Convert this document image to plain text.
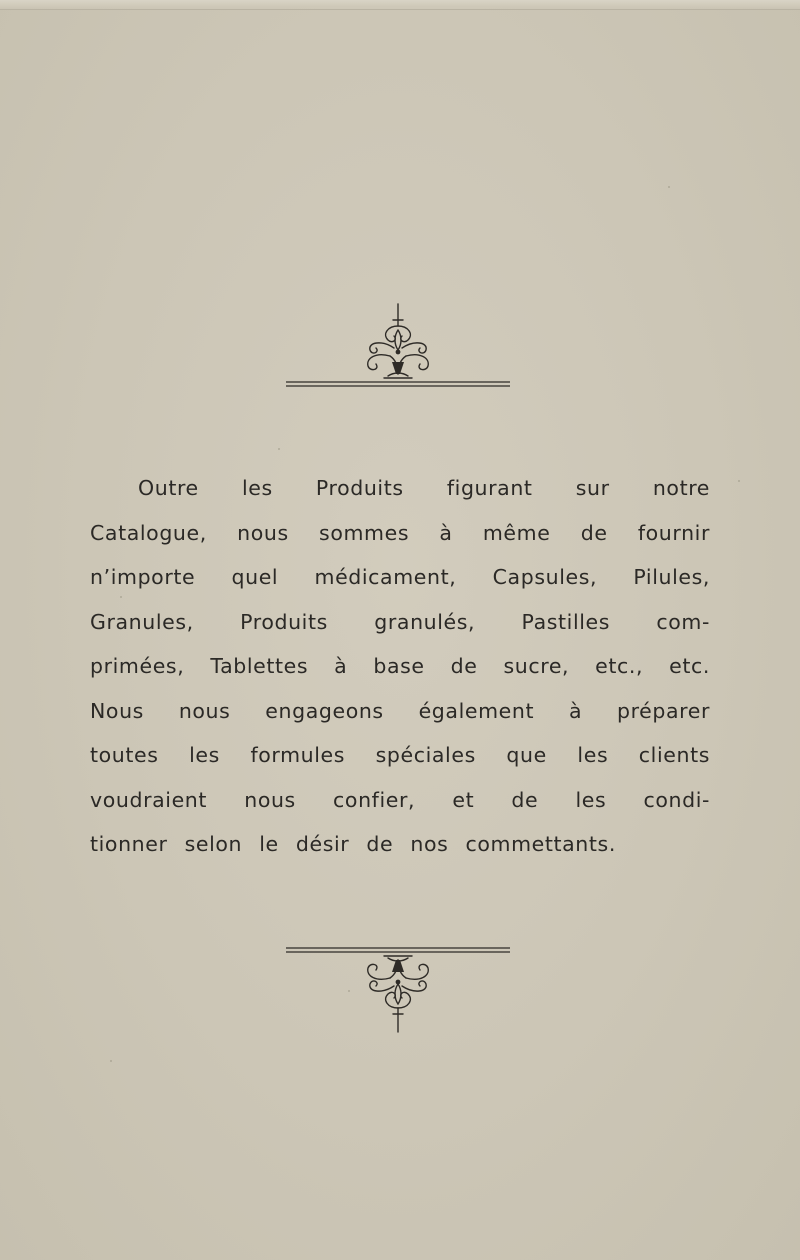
Outre les Produits figurant sur notre
Catalogue, nous sommes à même de fournir
n’importe quel médicament, Capsules, Pilules,
Granules, Produits granulés, Pastilles com-
primées, Tablettes à base de sucre, etc., etc.
Nous nous engageons également à préparer
toutes les formules spéciales que les clients
voudraient nous confier, et de les condi-
tionner selon le désir de nos commettants.
